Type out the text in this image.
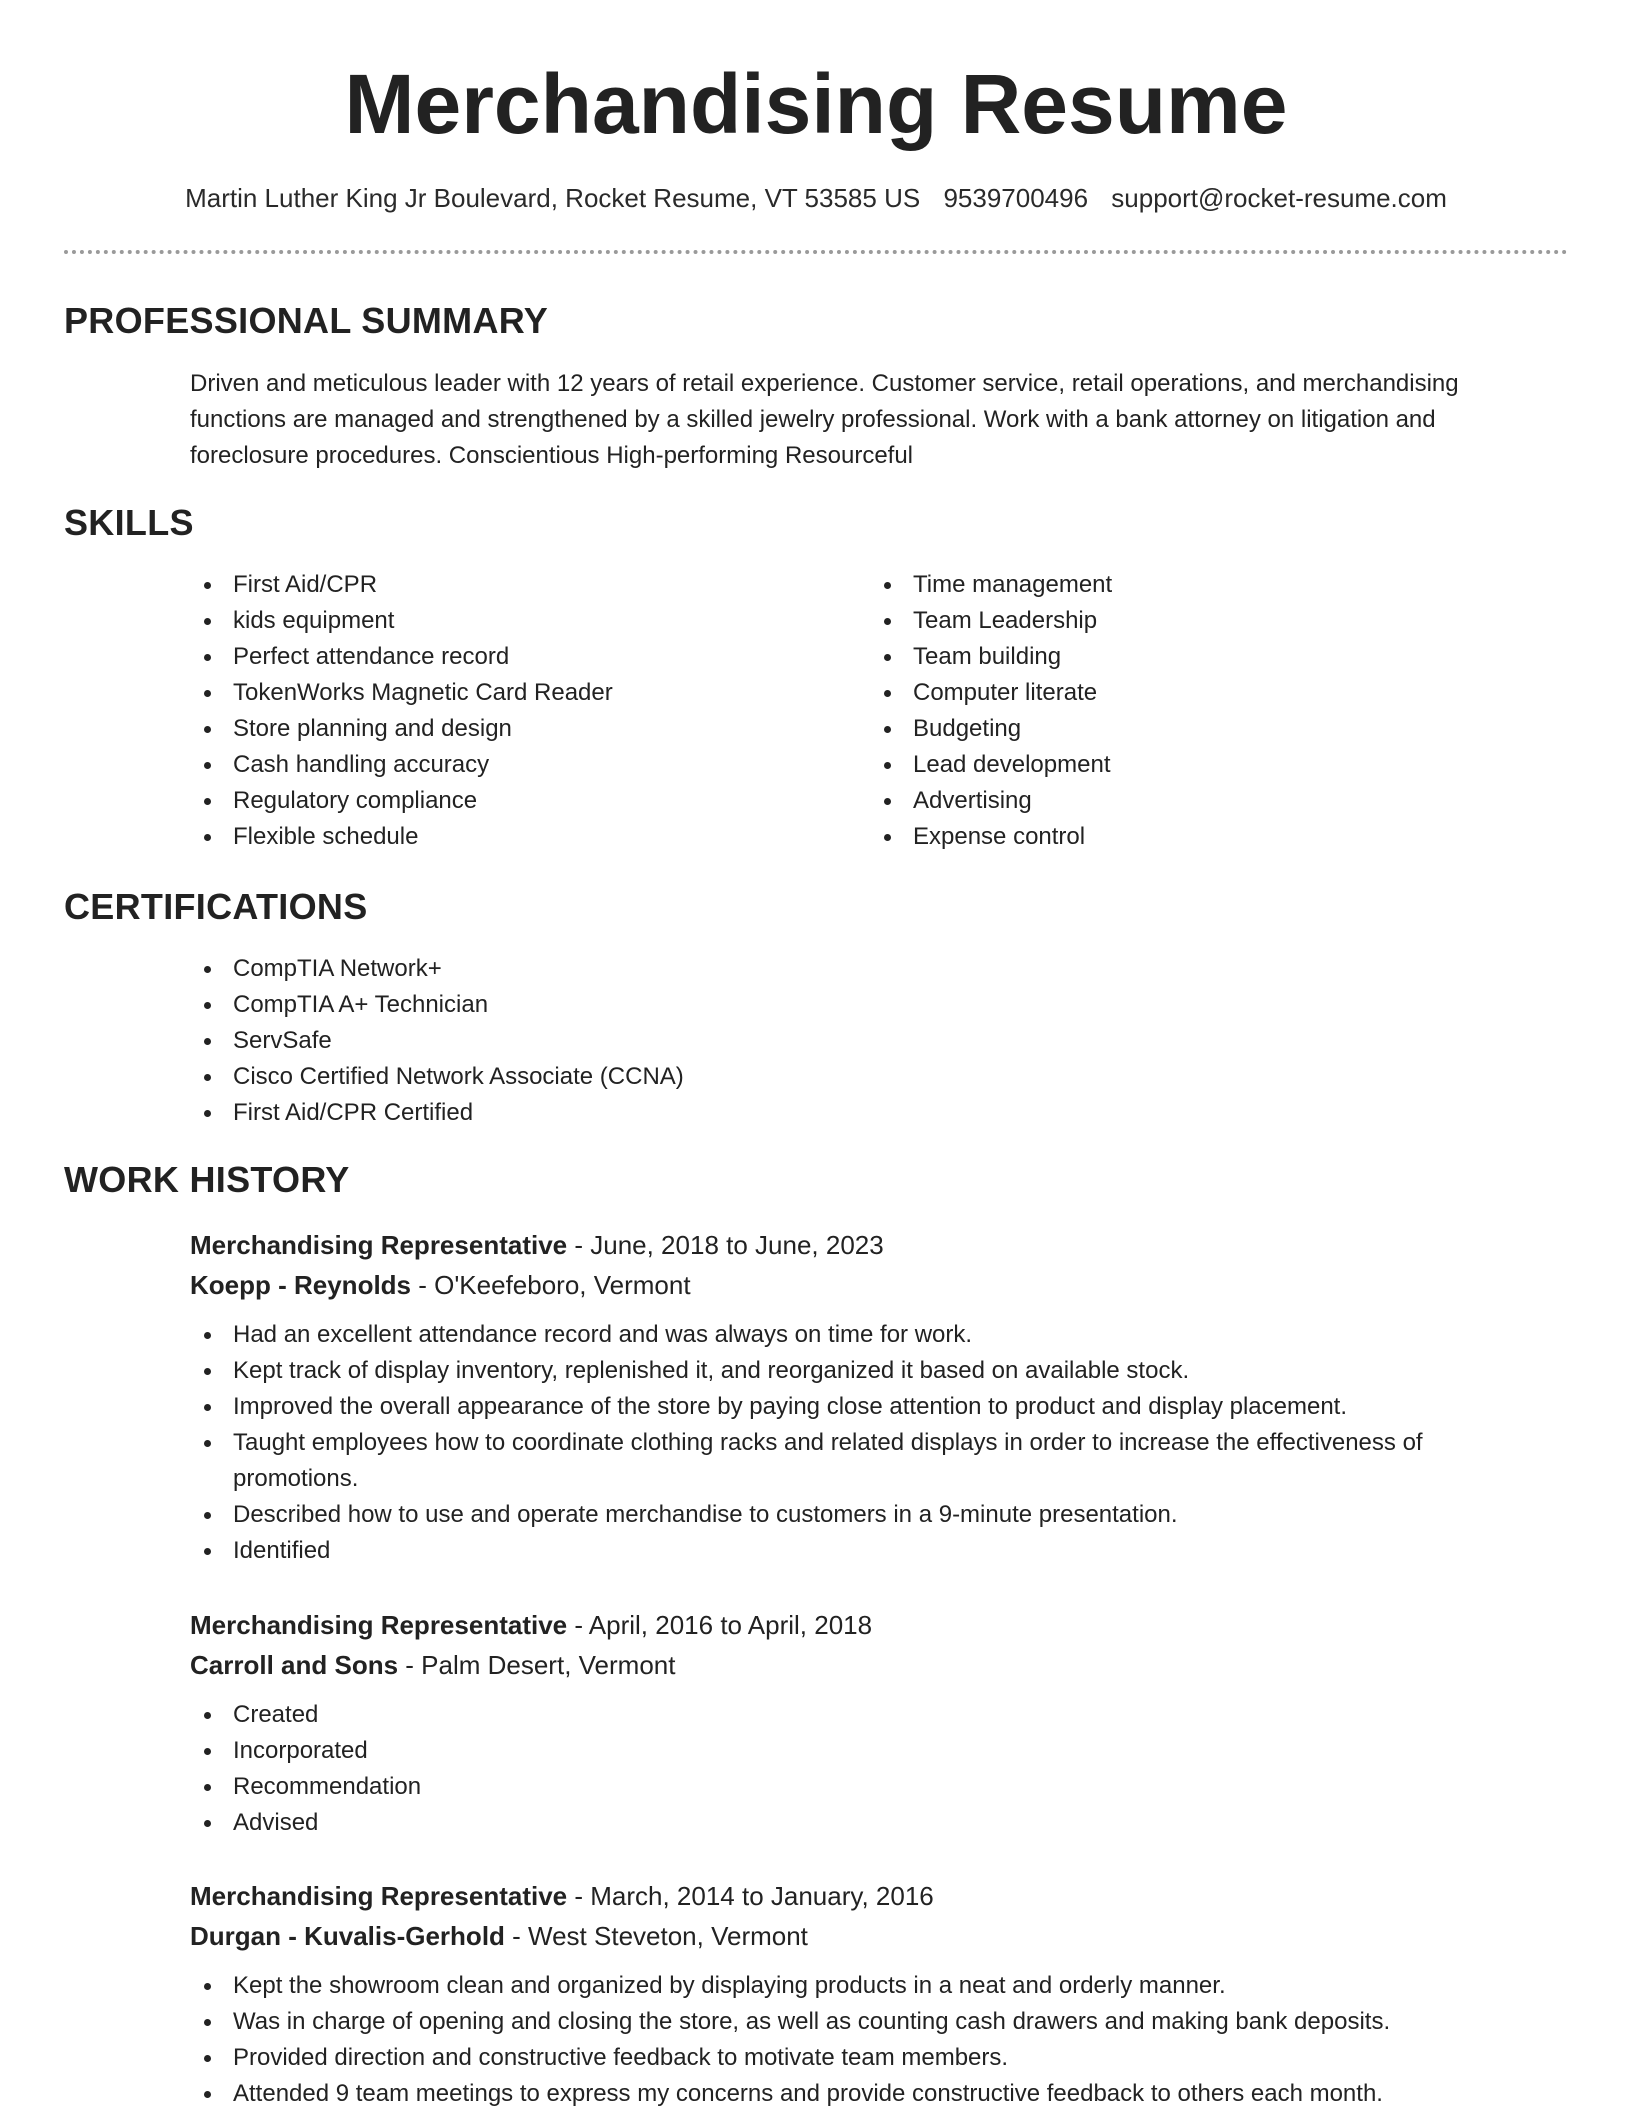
Merchandising Resume
Martin Luther King Jr Boulevard, Rocket Resume, VT 53585 US 9539700496 support@rocket-resume.com
PROFESSIONAL SUMMARY

Driven and meticulous leader with 12 years of retail experience. Customer service, retail operations, and merchandising functions are managed and strengthened by a skilled jewelry professional. Work with a bank attorney on litigation and foreclosure procedures. Conscientious High-performing Resourceful

SKILLS
First Aid/CPR
kids equipment
Perfect attendance record
TokenWorks Magnetic Card Reader
Store planning and design
Cash handling accuracy
Regulatory compliance
Flexible schedule
Time management
Team Leadership
Team building
Computer literate
Budgeting
Lead development
Advertising
Expense control
CERTIFICATIONS
CompTIA Network+
CompTIA A+ Technician
ServSafe
Cisco Certified Network Associate (CCNA)
First Aid/CPR Certified
WORK HISTORY
Merchandising Representative - June, 2018 to June, 2023
Koepp - Reynolds - O'Keefeboro, Vermont
Had an excellent attendance record and was always on time for work.
Kept track of display inventory, replenished it, and reorganized it based on available stock.
Improved the overall appearance of the store by paying close attention to product and display placement.
Taught employees how to coordinate clothing racks and related displays in order to increase the effectiveness of promotions.
Described how to use and operate merchandise to customers in a 9-minute presentation.
Identified
Merchandising Representative - April, 2016 to April, 2018
Carroll and Sons - Palm Desert, Vermont
Created
Incorporated
Recommendation
Advised
Merchandising Representative - March, 2014 to January, 2016
Durgan - Kuvalis-Gerhold - West Steveton, Vermont
Kept the showroom clean and organized by displaying products in a neat and orderly manner.
Was in charge of opening and closing the store, as well as counting cash drawers and making bank deposits.
Provided direction and constructive feedback to motivate team members.
Attended 9 team meetings to express my concerns and provide constructive feedback to others each month.
